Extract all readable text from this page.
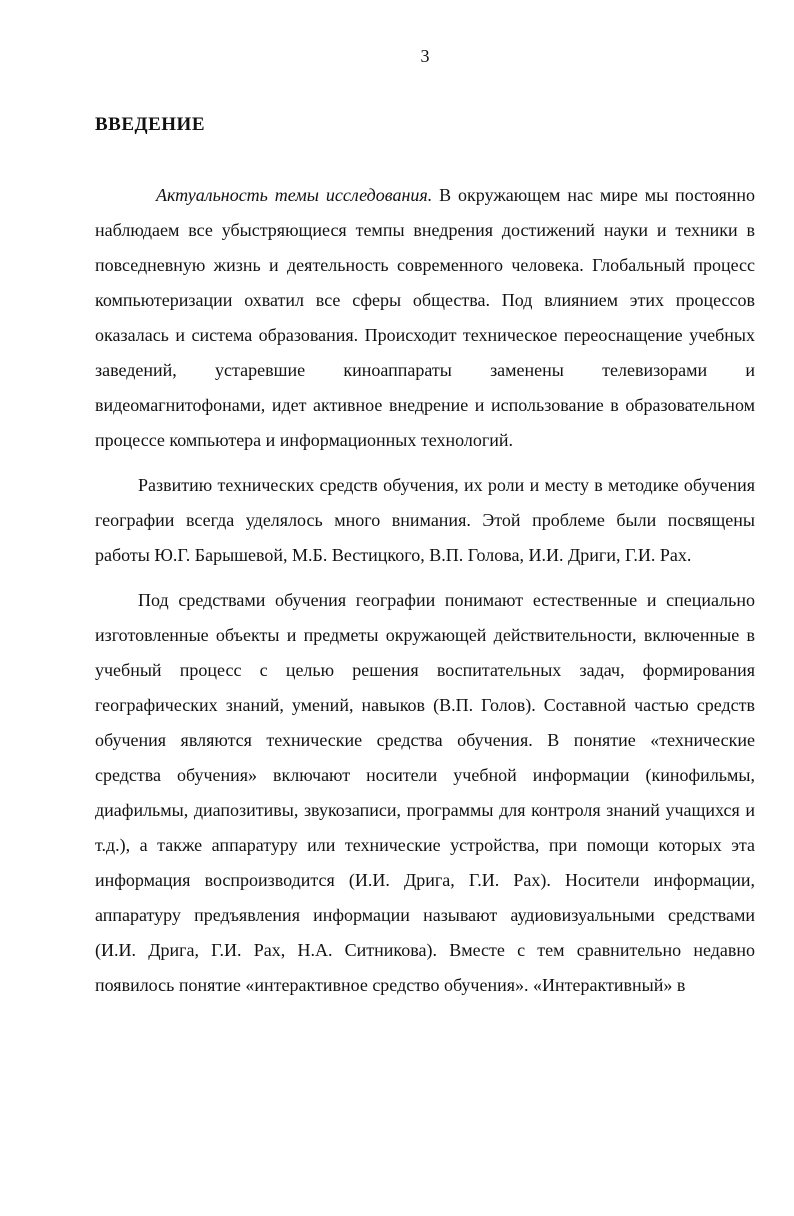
3
ВВЕДЕНИЕ

Актуальность темы исследования. В окружающем нас мире мы постоянно наблюдаем все убыстряющиеся темпы внедрения достижений науки и техники в повседневную жизнь и деятельность современного человека. Глобальный процесс компьютеризации охватил все сферы общества. Под влиянием этих процессов оказалась и система образования. Происходит техническое переоснащение учебных заведений, устаревшие киноаппараты заменены телевизорами и видеомагнитофонами, идет активное внедрение и использование в образовательном процессе компьютера и информационных технологий.

Развитию технических средств обучения, их роли и месту в методике обучения географии всегда уделялось много внимания. Этой проблеме были посвящены работы Ю.Г. Барышевой, М.Б. Вестицкого, В.П. Голова, И.И. Дриги, Г.И. Рах.

Под средствами обучения географии понимают естественные и специально изготовленные объекты и предметы окружающей действительности, включенные в учебный процесс с целью решения воспитательных задач, формирования географических знаний, умений, навыков (В.П. Голов). Составной частью средств обучения являются технические средства обучения. В понятие «технические средства обучения» включают носители учебной информации (кинофильмы, диафильмы, диапозитивы, звукозаписи, программы для контроля знаний учащихся и т.д.), а также аппаратуру или технические устройства, при помощи которых эта информация воспроизводится (И.И. Дрига, Г.И. Рах). Носители информации, аппаратуру предъявления информации называют аудиовизуальными средствами (И.И. Дрига, Г.И. Рах, Н.А. Ситникова). Вместе с тем сравнительно недавно появилось понятие «интерактивное средство обучения». «Интерактивный» в
